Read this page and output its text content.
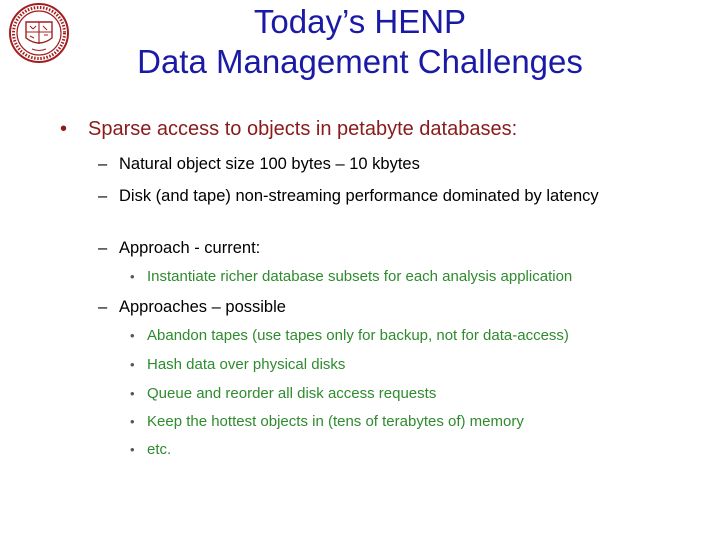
Today’s HENP
Data Management Challenges
• Sparse access to objects in petabyte databases:
– Natural object size 100 bytes – 10 kbytes
– Disk (and tape) non-streaming performance dominated by latency
– Approach - current:
• Instantiate richer database subsets for each analysis application
– Approaches – possible
• Abandon tapes (use tapes only for backup, not for data-access)
• Hash data over physical disks
• Queue and reorder all disk access requests
• Keep the hottest objects in (tens of terabytes of) memory
• etc.
